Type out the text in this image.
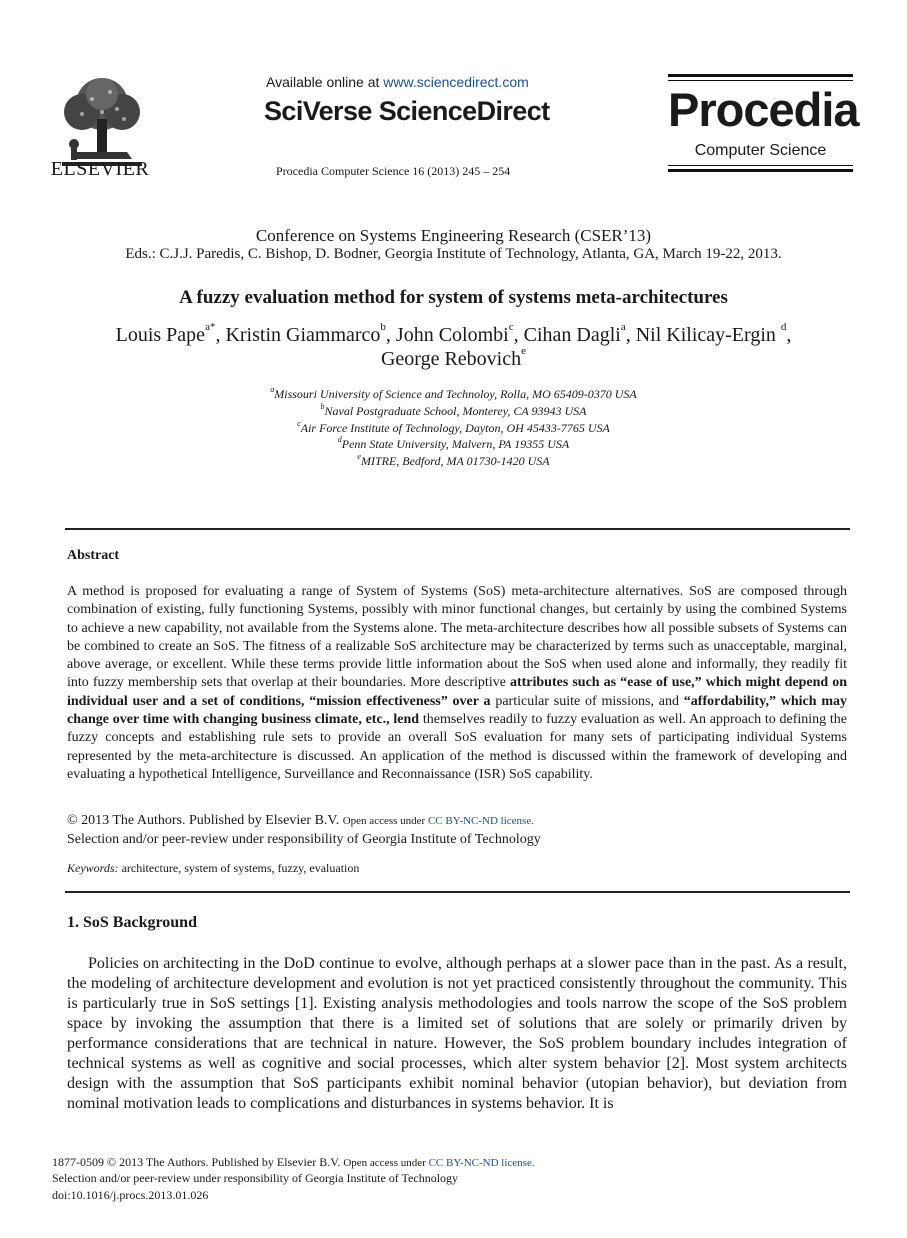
ELSEVIER
Available online at www.sciencedirect.com
SciVerse ScienceDirect
Procedia Computer Science 16 (2013) 245 – 254
Procedia
Computer Science
Conference on Systems Engineering Research (CSER’13)
Eds.: C.J.J. Paredis, C. Bishop, D. Bodner, Georgia Institute of Technology, Atlanta, GA, March 19-22, 2013.
A fuzzy evaluation method for system of systems meta-architectures
Louis Pape$^{a*}$, Kristin Giammarco$^b$, John Colombi$^c$, Cihan Dagli$^a$, Nil Kilicay-Ergin $^d$,
George Rebovich$^e$
$^a$Missouri University of Science and Technoloy, Rolla, MO 65409-0370 USA
$^b$Naval Postgraduate School, Monterey, CA 93943 USA
$^c$Air Force Institute of Technology, Dayton, OH 45433-7765 USA
$^d$Penn State University, Malvern, PA 19355 USA
$^e$MITRE, Bedford, MA 01730-1420 USA
Abstract
A method is proposed for evaluating a range of System of Systems (SoS) meta-architecture alternatives. SoS are composed through combination of existing, fully functioning Systems, possibly with minor functional changes, but certainly by using the combined Systems to achieve a new capability, not available from the Systems alone. The meta-architecture describes how all possible subsets of Systems can be combined to create an SoS. The fitness of a realizable SoS architecture may be characterized by terms such as unacceptable, marginal, above average, or excellent. While these terms provide little information about the SoS when used alone and informally, they readily fit into fuzzy membership sets that overlap at their boundaries. More descriptive attributes such as “ease of use,” which might depend on individual user and a set of conditions, “mission effectiveness” over a particular suite of missions, and “affordability,” which may change over time with changing business climate, etc., lend themselves readily to fuzzy evaluation as well. An approach to defining the fuzzy concepts and establishing rule sets to provide an overall SoS evaluation for many sets of participating individual Systems represented by the meta-architecture is discussed. An application of the method is discussed within the framework of developing and evaluating a hypothetical Intelligence, Surveillance and Reconnaissance (ISR) SoS capability.
© 2013 The Authors. Published by Elsevier B.V. Open access under CC BY-NC-ND license.
Selection and/or peer-review under responsibility of Georgia Institute of Technology
Keywords: architecture, system of systems, fuzzy, evaluation
1. SoS Background
Policies on architecting in the DoD continue to evolve, although perhaps at a slower pace than in the past. As a result, the modeling of architecture development and evolution is not yet practiced consistently throughout the community. This is particularly true in SoS settings [1]. Existing analysis methodologies and tools narrow the scope of the SoS problem space by invoking the assumption that there is a limited set of solutions that are solely or primarily driven by performance considerations that are technical in nature. However, the SoS problem boundary includes integration of technical systems as well as cognitive and social processes, which alter system behavior [2]. Most system architects design with the assumption that SoS participants exhibit nominal behavior (utopian behavior), but deviation from nominal motivation leads to complications and disturbances in systems behavior. It is
1877-0509 © 2013 The Authors. Published by Elsevier B.V. Open access under CC BY-NC-ND license.
Selection and/or peer-review under responsibility of Georgia Institute of Technology
doi:10.1016/j.procs.2013.01.026
